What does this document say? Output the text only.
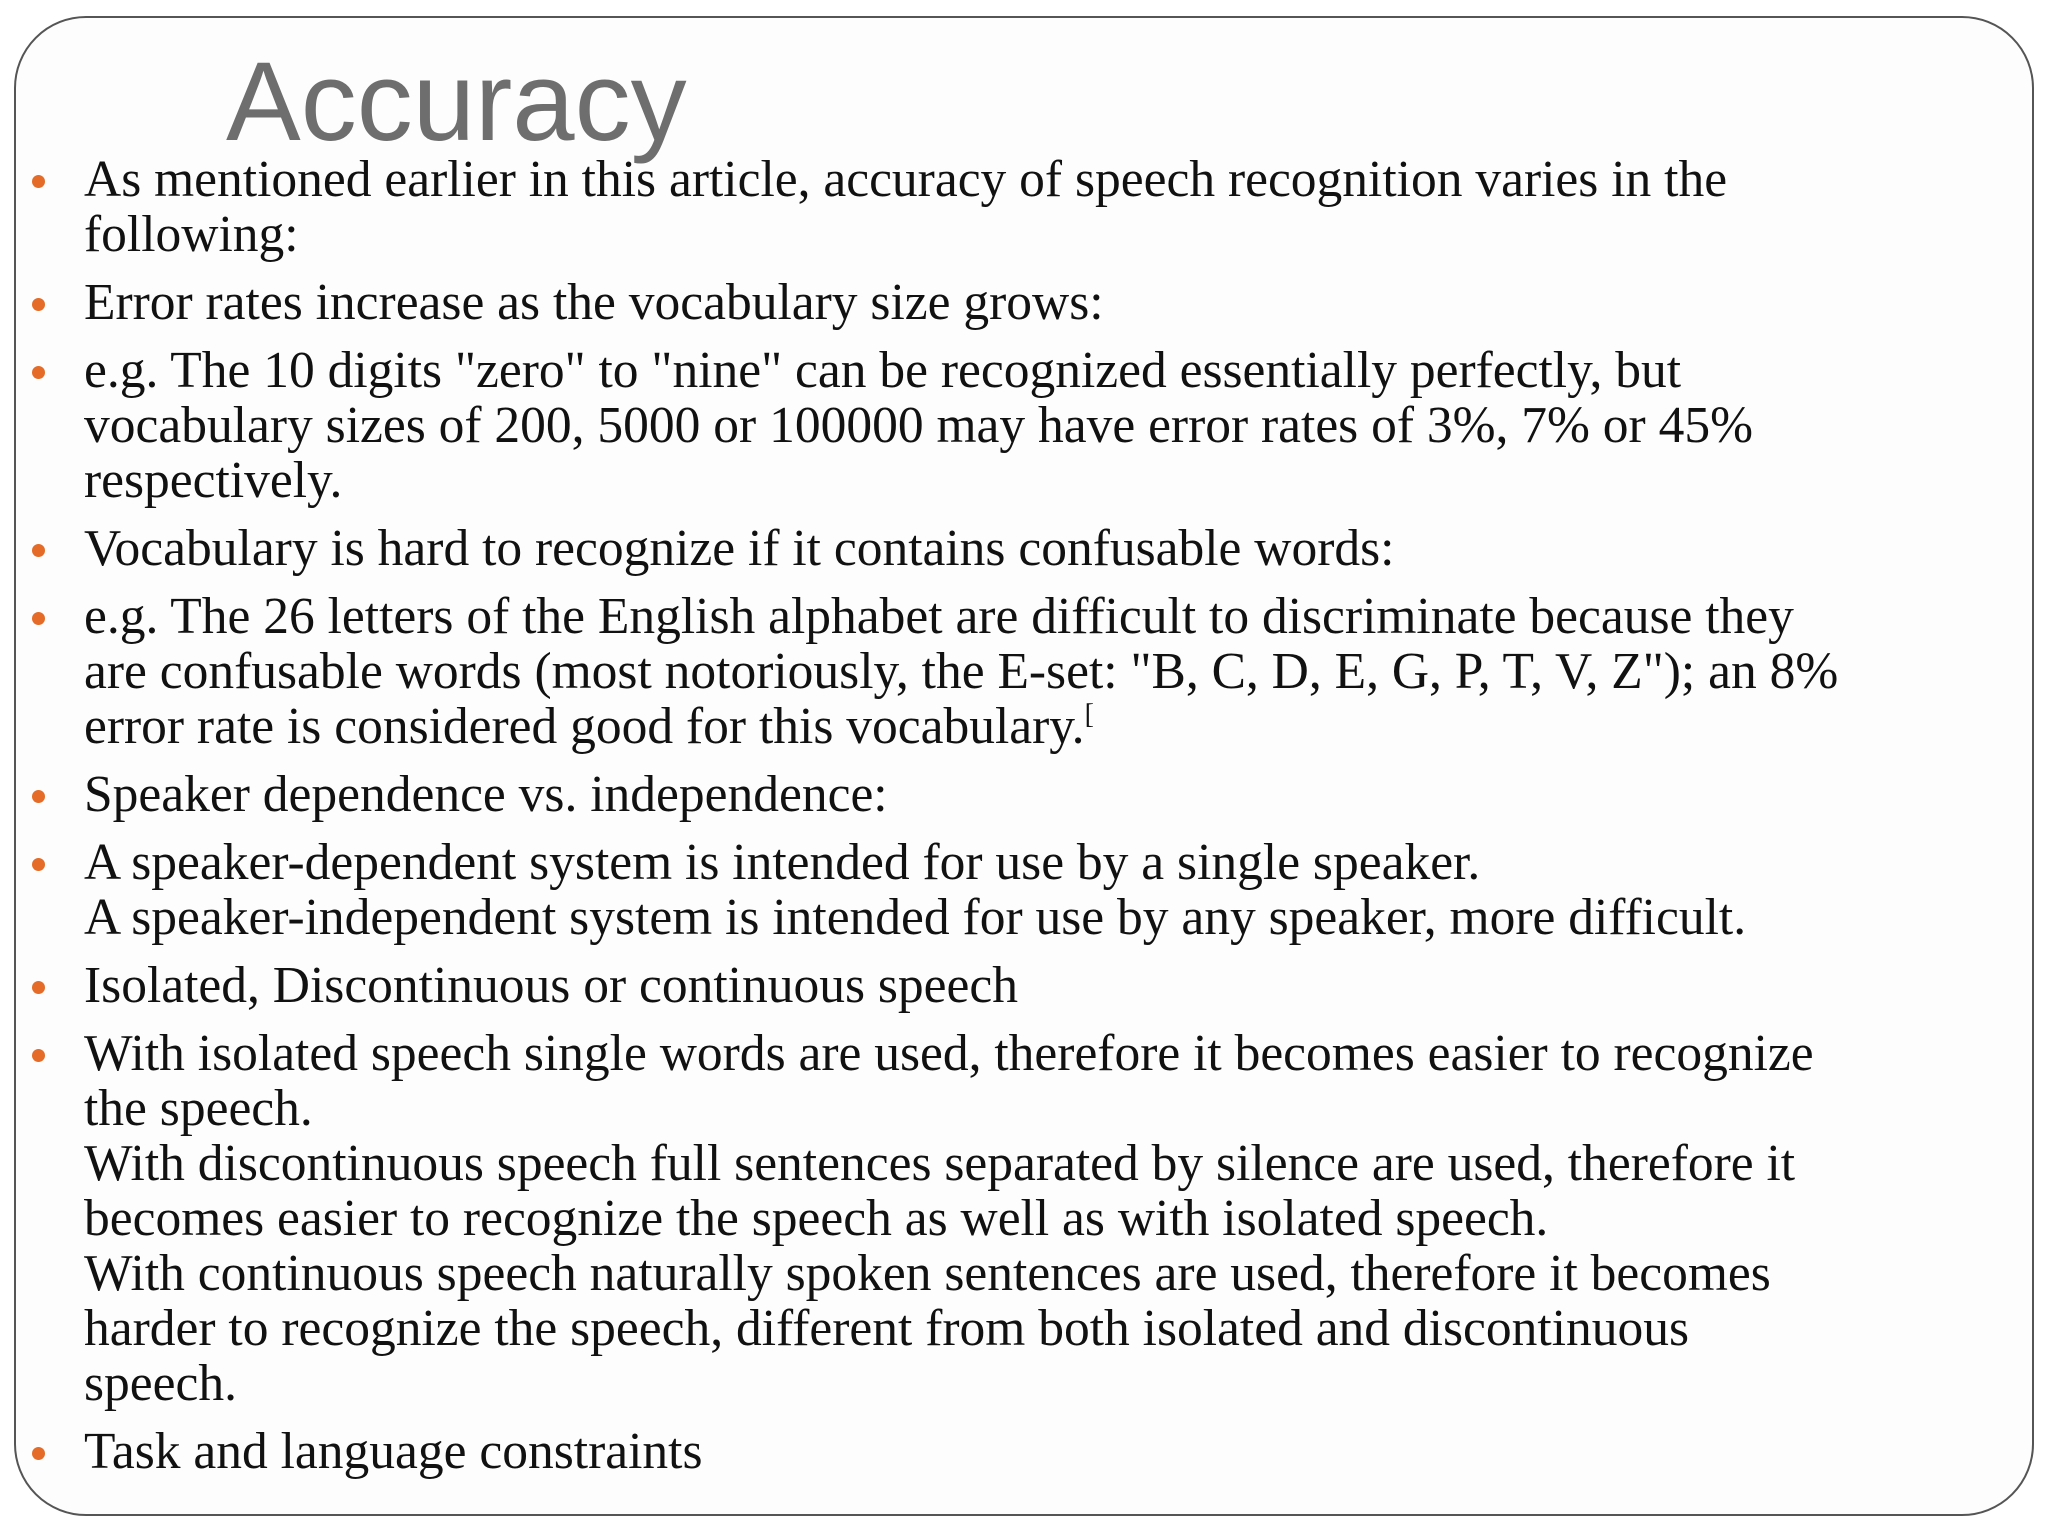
Accuracy
As mentioned earlier in this article, accuracy of speech recognition varies in the
following:
Error rates increase as the vocabulary size grows:
e.g. The 10 digits "zero" to "nine" can be recognized essentially perfectly, but
vocabulary sizes of 200, 5000 or 100000 may have error rates of 3%, 7% or 45%
respectively.
Vocabulary is hard to recognize if it contains confusable words:
e.g. The 26 letters of the English alphabet are difficult to discriminate because they
are confusable words (most notoriously, the E-set: "B, C, D, E, G, P, T, V, Z"); an 8%
error rate is considered good for this vocabulary.[
Speaker dependence vs. independence:
A speaker-dependent system is intended for use by a single speaker.
A speaker-independent system is intended for use by any speaker, more difficult.
Isolated, Discontinuous or continuous speech
With isolated speech single words are used, therefore it becomes easier to recognize
the speech.
With discontinuous speech full sentences separated by silence are used, therefore it
becomes easier to recognize the speech as well as with isolated speech.
With continuous speech naturally spoken sentences are used, therefore it becomes
harder to recognize the speech, different from both isolated and discontinuous
speech.
Task and language constraints
